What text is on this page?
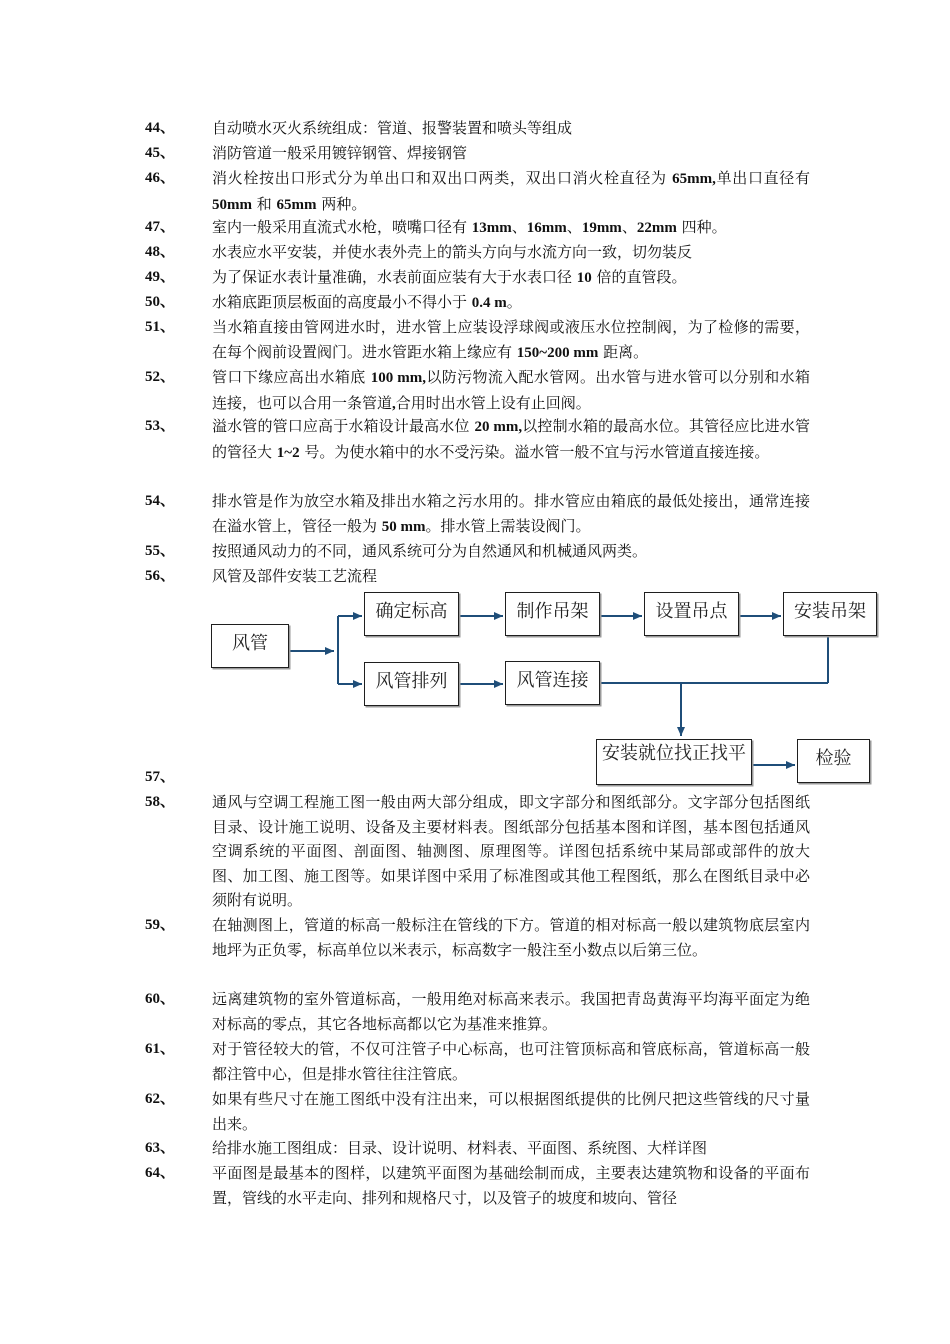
44、	自动喷水灭火系统组成：管道、报警装置和喷头等组成
45、	消防管道一般采用镀锌钢管、焊接钢管
46、	消火栓按出口形式分为单出口和双出口两类，双出口消火栓直径为 65mm,单出口直径有 50mm 和 65mm 两种。
47、	室内一般采用直流式水枪，喷嘴口径有 13mm、16mm、19mm、22mm 四种。
48、	水表应水平安装，并使水表外壳上的箭头方向与水流方向一致，切勿装反
49、	为了保证水表计量准确，水表前面应装有大于水表口径 10 倍的直管段。
50、	水箱底距顶层板面的高度最小不得小于 0.4 m。
51、	当水箱直接由管网进水时，进水管上应装设浮球阀或液压水位控制阀，为了检修的需要，在每个阀前设置阀门。进水管距水箱上缘应有 150~200 mm 距离。
52、	管口下缘应高出水箱底 100 mm,以防污物流入配水管网。出水管与进水管可以分别和水箱连接，也可以合用一条管道,合用时出水管上设有止回阀。
53、	溢水管的管口应高于水箱设计最高水位 20 mm,以控制水箱的最高水位。其管径应比进水管的管径大 1~2 号。为使水箱中的水不受污染。溢水管一般不宜与污水管道直接连接。
54、	排水管是作为放空水箱及排出水箱之污水用的。排水管应由箱底的最低处接出，通常连接在溢水管上，管径一般为 50 mm。排水管上需装设阀门。
55、	按照通风动力的不同，通风系统可分为自然通风和机械通风两类。
56、	风管及部件安装工艺流程
57、
58、	通风与空调工程施工图一般由两大部分组成，即文字部分和图纸部分。文字部分包括图纸目录、设计施工说明、设备及主要材料表。图纸部分包括基本图和详图，基本图包括通风空调系统的平面图、剖面图、轴测图、原理图等。详图包括系统中某局部或部件的放大图、加工图、施工图等。如果详图中采用了标准图或其他工程图纸，那么在图纸目录中必须附有说明。
59、	在轴测图上，管道的标高一般标注在管线的下方。管道的相对标高一般以建筑物底层室内地坪为正负零，标高单位以米表示，标高数字一般注至小数点以后第三位。
60、	远离建筑物的室外管道标高，一般用绝对标高来表示。我国把青岛黄海平均海平面定为绝对标高的零点，其它各地标高都以它为基准来推算。
61、	对于管径较大的管，不仅可注管子中心标高，也可注管顶标高和管底标高，管道标高一般都注管中心，但是排水管往往注管底。
62、	如果有些尺寸在施工图纸中没有注出来，可以根据图纸提供的比例尺把这些管线的尺寸量出来。
63、	给排水施工图组成：目录、设计说明、材料表、平面图、系统图、大样详图
64、	平面图是最基本的图样，以建筑平面图为基础绘制而成，主要表达建筑物和设备的平面布置，管线的水平走向、排列和规格尺寸，以及管子的坡度和坡向、管径
风管
确定标高	制作吊架	设置吊点	安装吊架
风管排列	风管连接
安装就位找正找平	检验
